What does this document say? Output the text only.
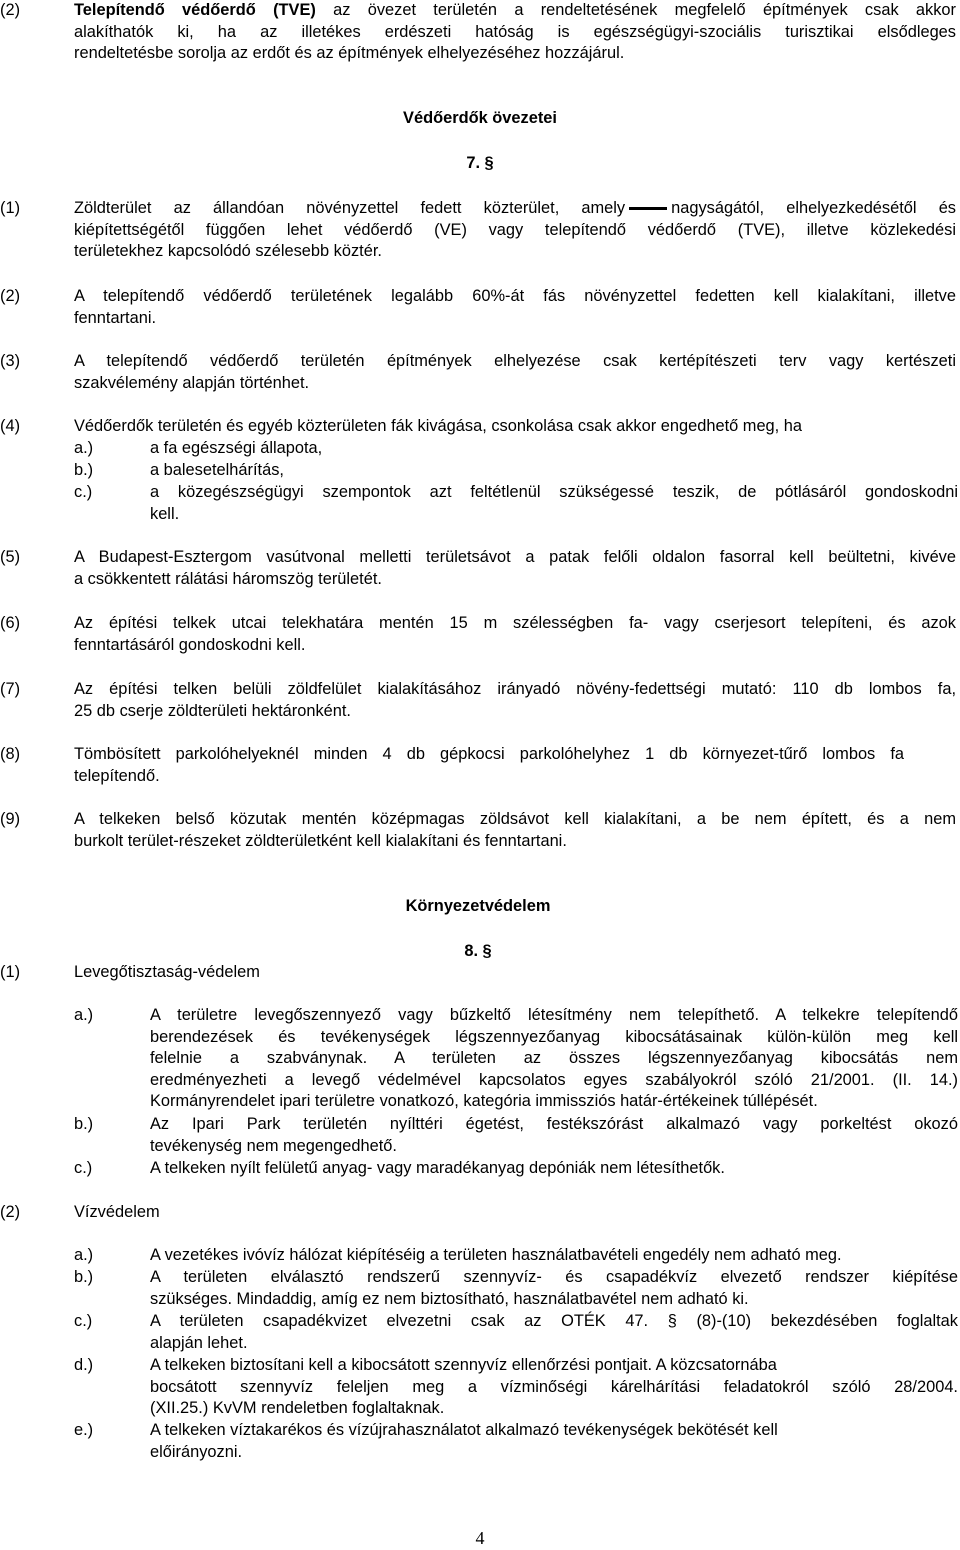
(2)	Telepítendő védőerdő (TVE) az övezet területén a rendeltetésének megfelelő építmények csak akkor
alakíthatók ki, ha az illetékes erdészeti hatóság is egészségügyi-szociális turisztikai elsődleges
rendeltetésbe sorolja az erdőt és az építmények elhelyezéséhez hozzájárul.
Védőerdők övezetei
7. §
(1)	Zöldterület az állandóan növényzettel fedett közterület, amely	nagyságától, elhelyezkedésétől és
kiépítettségétől függően lehet védőerdő (VE) vagy telepítendő védőerdő (TVE), illetve közlekedési
területekhez kapcsolódó szélesebb köztér.
(2)	A telepítendő védőerdő területének legalább 60%-át fás növényzettel fedetten kell kialakítani, illetve
fenntartani.
(3)	A telepítendő védőerdő területén építmények elhelyezése csak kertépítészeti terv vagy kertészeti
szakvélemény alapján történhet.
(4)	Védőerdők területén és egyéb közterületen fák kivágása, csonkolása csak akkor engedhető meg, ha
a.)	a fa egészségi állapota,
b.)	a balesetelhárítás,
c.)	a közegészségügyi szempontok azt feltétlenül szükségessé teszik, de pótlásáról gondoskodni
kell.
(5)	A Budapest-Esztergom vasútvonal melletti területsávot a patak felőli oldalon fasorral kell beültetni, kivéve
a csökkentett rálátási háromszög területét.
(6)	Az építési telkek utcai telekhatára mentén 15 m szélességben fa- vagy cserjesort telepíteni, és azok
fenntartásáról gondoskodni kell.
(7)	Az építési telken belüli zöldfelület kialakításához irányadó növény-fedettségi mutató: 110 db lombos fa,
25 db cserje zöldterületi hektáronként.
(8)	Tömbösített parkolóhelyeknél minden 4 db gépkocsi parkolóhelyhez 1 db környezet-tűrő lombos fa
telepítendő.
(9)	A telkeken belső közutak mentén középmagas zöldsávot kell kialakítani, a be nem épített, és a nem
burkolt terület-részeket zöldterületként kell kialakítani és fenntartani.
Környezetvédelem
8. §
(1)	Levegőtisztaság-védelem
a.)	A területre levegőszennyező vagy bűzkeltő létesítmény nem telepíthető. A telkekre telepítendő
berendezések és tevékenységek légszennyezőanyag kibocsátásainak külön-külön meg kell
felelnie a szabványnak. A területen az összes légszennyezőanyag kibocsátás nem
eredményezheti a levegő védelmével kapcsolatos egyes szabályokról szóló 21/2001. (II. 14.)
Kormányrendelet ipari területre vonatkozó, kategória immissziós határ-értékeinek túllépését.
b.)	Az Ipari Park területén nyílttéri égetést, festékszórást alkalmazó vagy porkeltést okozó
tevékenység nem megengedhető.
c.)	A telkeken nyílt felületű anyag- vagy maradékanyag depóniák nem létesíthetők.
(2)	Vízvédelem
a.)	A vezetékes ivóvíz hálózat kiépítéséig a területen használatbavételi engedély nem adható meg.
b.)	A területen elválasztó rendszerű szennyvíz- és csapadékvíz elvezető rendszer kiépítése
szükséges. Mindaddig, amíg ez nem biztosítható, használatbavétel nem adható ki.
c.)	A területen csapadékvizet elvezetni csak az OTÉK 47. § (8)-(10) bekezdésében foglaltak
alapján lehet.
d.)	A telkeken biztosítani kell a kibocsátott szennyvíz ellenőrzési pontjait. A közcsatornába
bocsátott szennyvíz feleljen meg a vízminőségi kárelhárítási feladatokról szóló 28/2004.
(XII.25.) KvVM rendeletben foglaltaknak.
e.)	A telkeken víztakarékos és vízújrahasználatot alkalmazó tevékenységek bekötését kell
előirányozni.
4
